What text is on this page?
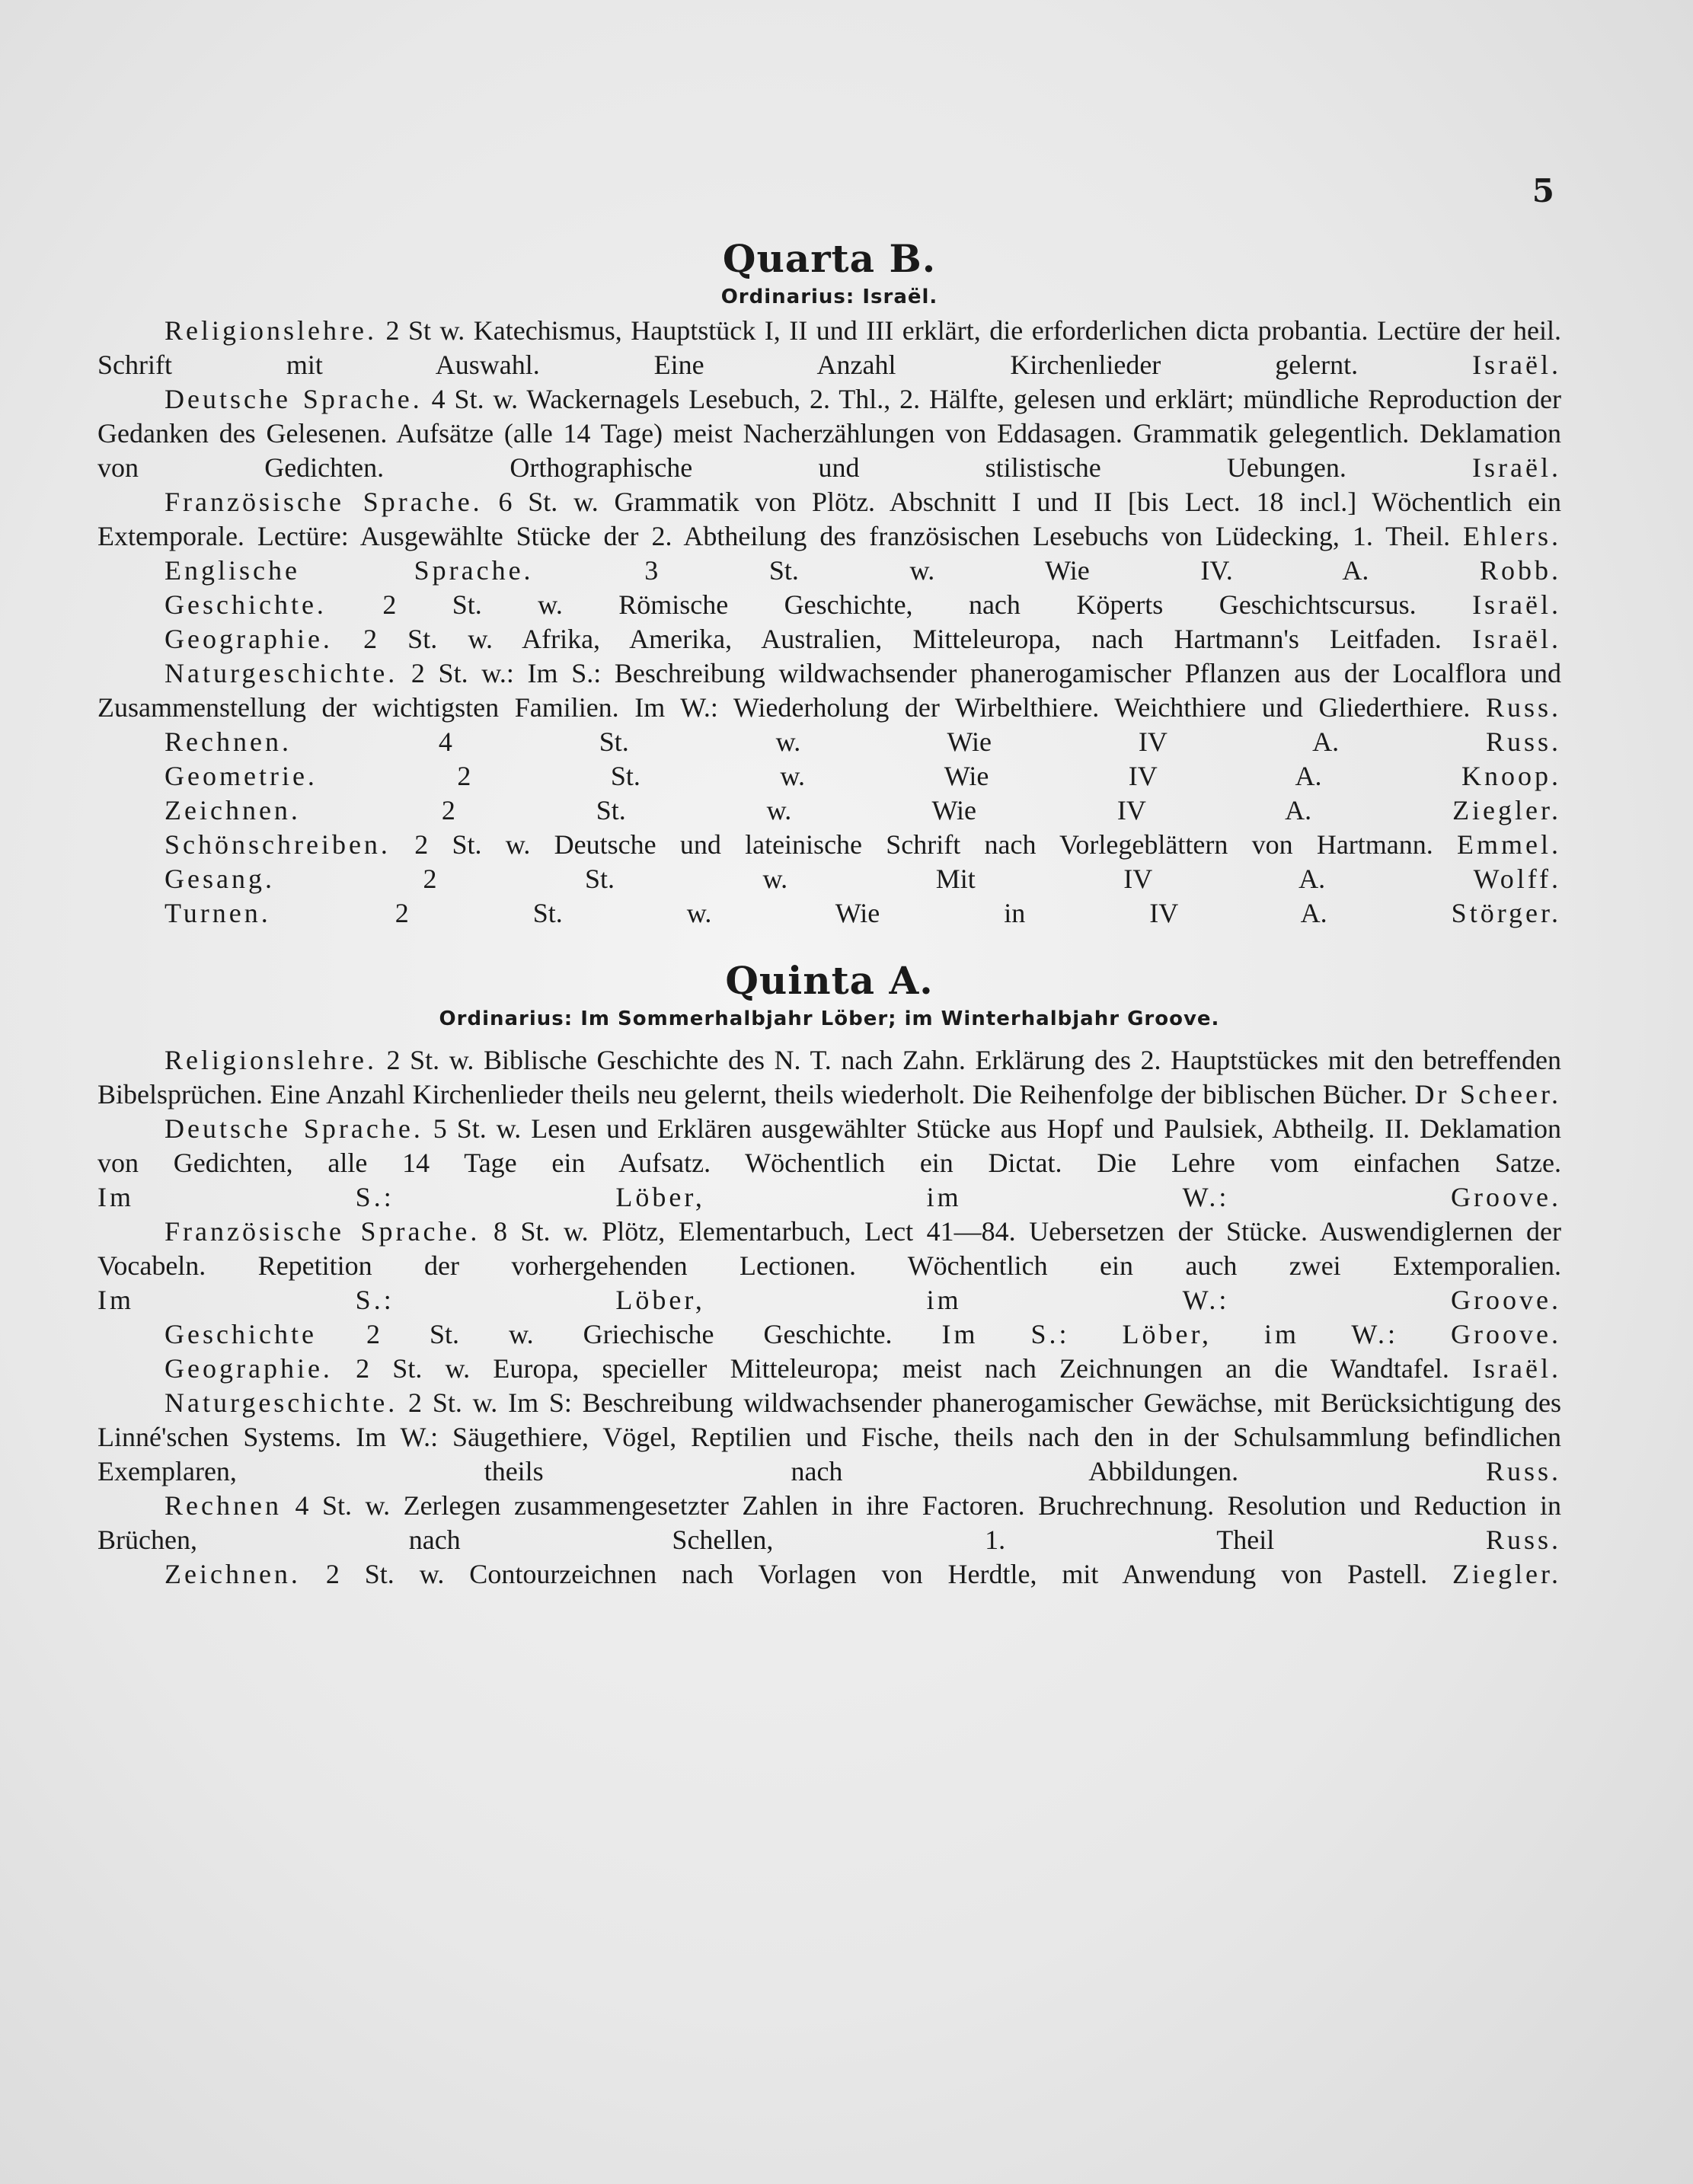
5
Quarta B.
Ordinarius: Israël.

Religionslehre. 2 St w. Katechismus, Hauptstück I, II und III erklärt, die erforderlichen dicta probantia. Lectüre der heil. Schrift mit Auswahl. Eine Anzahl Kirchenlieder gelernt.	Israël.

Deutsche Sprache. 4 St. w. Wackernagels Lesebuch, 2. Thl., 2. Hälfte, gelesen und erklärt; mündliche Reproduction der Gedanken des Gelesenen. Aufsätze (alle 14 Tage) meist Nacherzählungen von Eddasagen. Grammatik gelegentlich. Deklamation von Gedichten. Orthographische und stilistische Uebungen.	Israël.

Französische Sprache. 6 St. w. Grammatik von Plötz. Abschnitt I und II [bis Lect. 18 incl.] Wöchentlich ein Extemporale. Lectüre: Ausgewählte Stücke der 2. Abtheilung des französischen Lesebuchs von Lüdecking, 1. Theil. Ehlers.

Englische Sprache.	3 St. w. Wie IV. A.	Robb.

Geschichte. 2 St. w. Römische Geschichte, nach Köperts Geschichtscursus. Israël.

Geographie. 2 St. w. Afrika, Amerika, Australien, Mitteleuropa, nach Hartmann's Leitfaden. Israël.

Naturgeschichte. 2 St. w.: Im S.: Beschreibung wildwachsender phanerogamischer Pflanzen aus der Localflora und Zusammenstellung der wichtigsten Familien. Im W.: Wiederholung der Wirbelthiere. Weichthiere und Gliederthiere. Russ.

Rechnen.	4 St. w. Wie IV A.	Russ.

Geometrie.	2 St. w. Wie IV A.	Knoop.

Zeichnen.	2 St. w. Wie IV A.	Ziegler.

Schönschreiben. 2 St. w. Deutsche und lateinische Schrift nach Vorlegeblättern von Hartmann. Emmel.

Gesang.	2 St. w. Mit IV A.	Wolff.

Turnen.	2 St. w. Wie in IV A.	Störger.

Quinta A.
Ordinarius: Im Sommerhalbjahr Löber; im Winterhalbjahr Groove.

Religionslehre. 2 St. w. Biblische Geschichte des N. T. nach Zahn. Erklärung des 2. Hauptstückes mit den betreffenden Bibelsprüchen. Eine Anzahl Kirchenlieder theils neu gelernt, theils wiederholt. Die Reihenfolge der biblischen Bücher. Dr Scheer.

Deutsche Sprache. 5 St. w. Lesen und Erklären ausgewählter Stücke aus Hopf und Paulsiek, Abtheilg. II. Deklamation von Gedichten, alle 14 Tage ein Aufsatz. Wöchentlich ein Dictat. Die Lehre vom einfachen Satze. Im S.: Löber, im W.: Groove.

Französische Sprache. 8 St. w. Plötz, Elementarbuch, Lect 41—84. Uebersetzen der Stücke. Auswendiglernen der Vocabeln. Repetition der vorhergehenden Lectionen. Wöchentlich ein auch zwei Extemporalien. Im S.: Löber, im W.: Groove.

Geschichte 2 St. w. Griechische Geschichte. Im S.: Löber, im W.: Groove.

Geographie. 2 St. w. Europa, specieller Mitteleuropa; meist nach Zeichnungen an die Wandtafel. Israël.

Naturgeschichte. 2 St. w. Im S: Beschreibung wildwachsender phanerogamischer Gewächse, mit Berücksichtigung des Linné'schen Systems. Im W.: Säugethiere, Vögel, Reptilien und Fische, theils nach den in der Schulsammlung befindlichen Exemplaren, theils nach Abbildungen.	Russ.

Rechnen 4 St. w. Zerlegen zusammengesetzter Zahlen in ihre Factoren. Bruchrechnung. Resolution und Reduction in Brüchen, nach Schellen, 1. Theil	Russ.

Zeichnen. 2 St. w. Contourzeichnen nach Vorlagen von Herdtle, mit Anwendung von Pastell. Ziegler.
